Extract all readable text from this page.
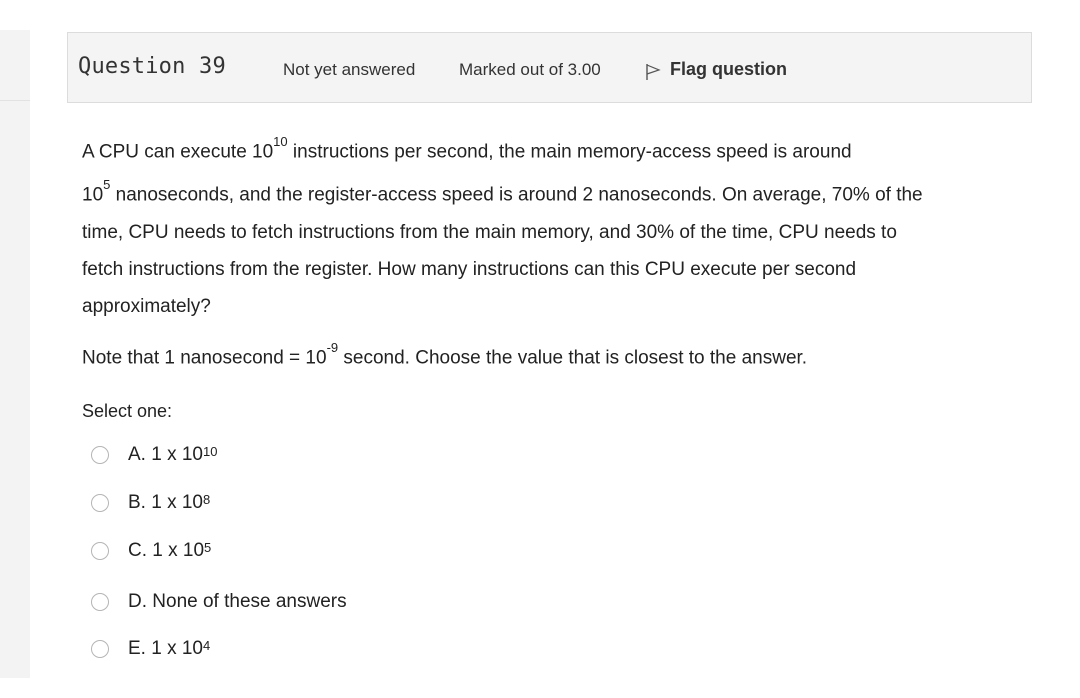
Question 39	Not yet answered	Marked out of 3.00	Flag question

A CPU can execute $10^{10}$ instructions per second, the main memory-access speed is around
$10^5$ nanoseconds, and the register-access speed is around 2 nanoseconds. On average, 70% of the
time, CPU needs to fetch instructions from the main memory, and 30% of the time, CPU needs to
fetch instructions from the register. How many instructions can this CPU execute per second
approximately?

Note that 1 nanosecond = $10^{-9}$ second. Choose the value that is closest to the answer.

Select one:
A. 1 x $10^{10}$
B. 1 x $10^8$
C. 1 x $10^5$
D. None of these answers
E. 1 x $10^4$
